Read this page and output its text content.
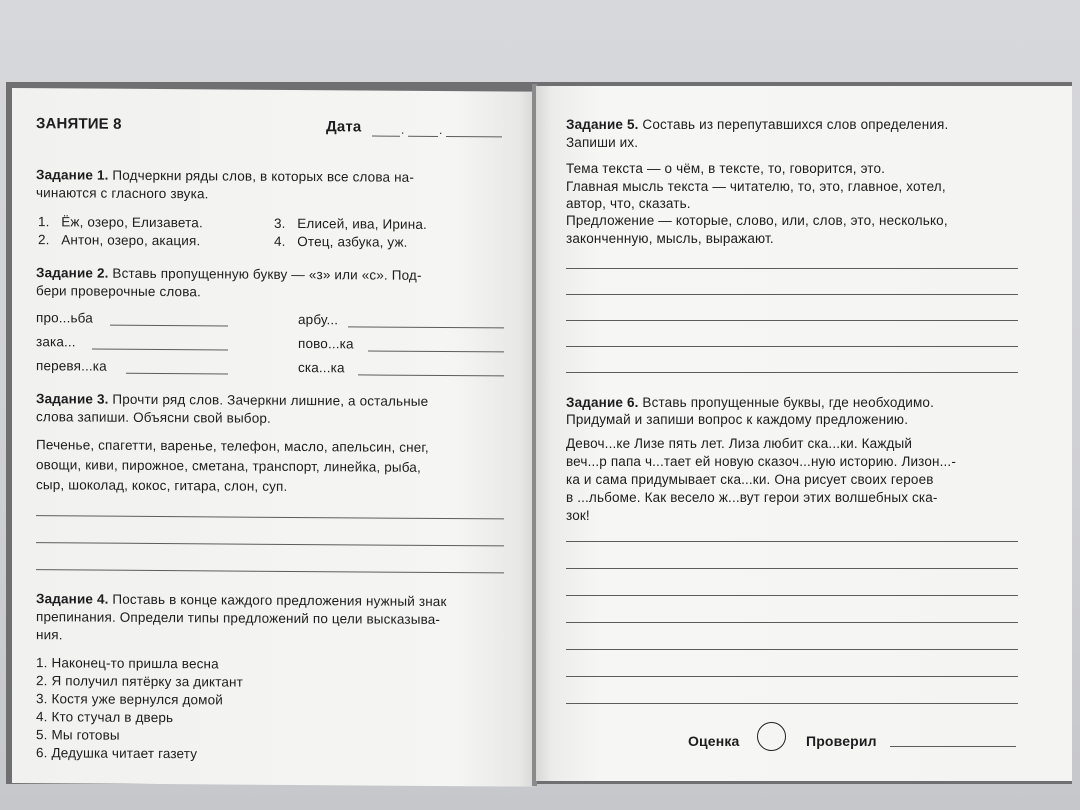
ЗАНЯТИЕ 8	Дата	.	.
Задание 1. Подчеркни ряды слов, в которых все слова на-
чинаются с гласного звука.
1. Ёж, озеро, Елизавета.	3. Елисей, ива, Ирина.
2. Антон, озеро, акация.	4. Отец, азбука, уж.
Задание 2. Вставь пропущенную букву — «з» или «с». Под-
бери проверочные слова.
про...ьба	арбу...
зака...	пово...ка
перевя...ка	ска...ка
Задание 3. Прочти ряд слов. Зачеркни лишние, а остальные
слова запиши. Объясни свой выбор.
Печенье, спагетти, варенье, телефон, масло, апельсин, снег,
овощи, киви, пирожное, сметана, транспорт, линейка, рыба,
сыр, шоколад, кокос, гитара, слон, суп.
Задание 4. Поставь в конце каждого предложения нужный знак
препинания. Определи типы предложений по цели высказыва-
ния.
1. Наконец-то пришла весна
2. Я получил пятёрку за диктант
3. Костя уже вернулся домой
4. Кто стучал в дверь
5. Мы готовы
6. Дедушка читает газету
Задание 5. Составь из перепутавшихся слов определения.
Запиши их.
Тема текста — о чём, в тексте, то, говорится, это.
Главная мысль текста — читателю, то, это, главное, хотел,
автор, что, сказать.
Предложение — которые, слово, или, слов, это, несколько,
законченную, мысль, выражают.
Задание 6. Вставь пропущенные буквы, где необходимо.
Придумай и запиши вопрос к каждому предложению.
Девоч...ке Лизе пять лет. Лиза любит ска...ки. Каждый
веч...р папа ч...тает ей новую сказоч...ную историю. Лизон...-
ка и сама придумывает ска...ки. Она рисует своих героев
в ...льбоме. Как весело ж...вут герои этих волшебных ска-
зок!
Оценка	Проверил
